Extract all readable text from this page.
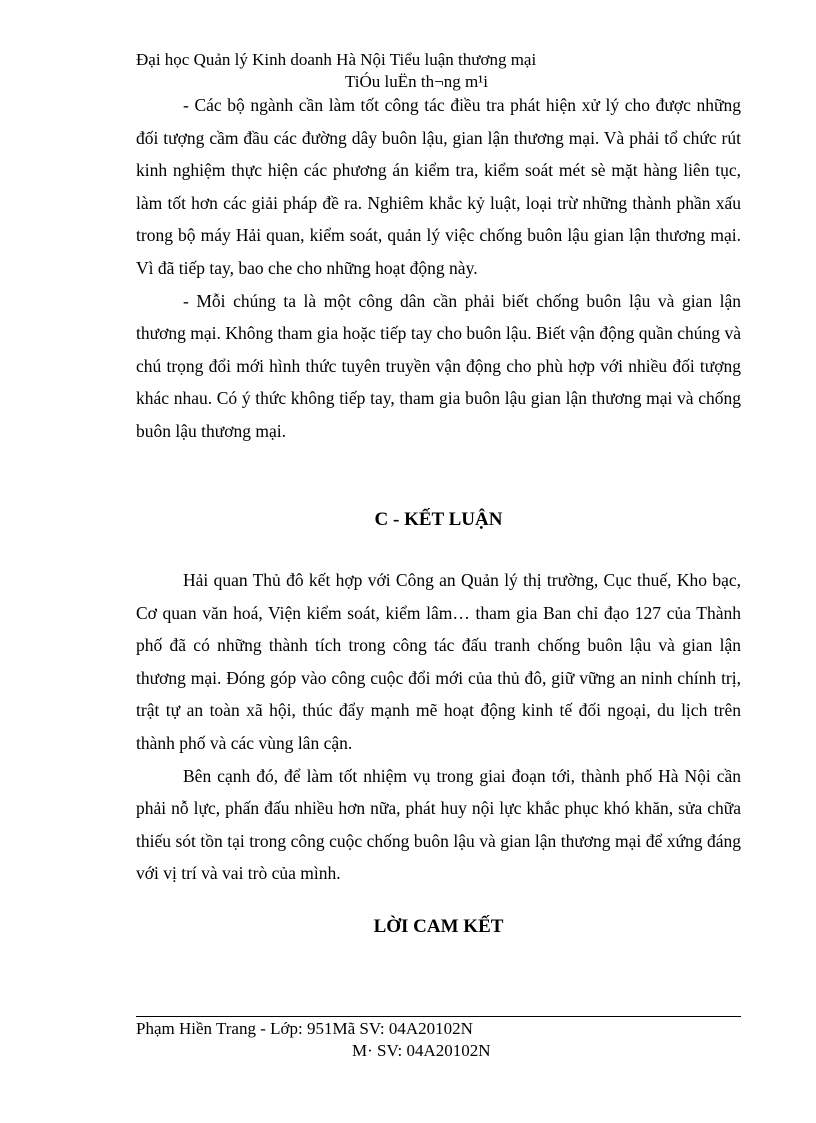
Đại học Quản lý Kinh doanh Hà Nội Tiểu luận thương mại
TiÓu luËn th¬ng m¹i

- Các bộ ngành cần làm tốt công tác điều tra phát hiện xử lý cho được những đối tượng cầm đầu các đường dây buôn lậu, gian lận thương mại. Và phải tổ chức rút kinh nghiệm thực hiện các phương án kiểm tra, kiểm soát mét sè mặt hàng liên tục, làm tốt hơn các giải pháp đề ra. Nghiêm khắc kỷ luật, loại trừ những thành phần xấu trong bộ máy Hải quan, kiểm soát, quản lý việc chống buôn lậu gian lận thương mại. Vì đã tiếp tay, bao che cho những hoạt động này.

- Mỗi chúng ta là một công dân cần phải biết chống buôn lậu và gian lận thương mại. Không tham gia hoặc tiếp tay cho buôn lậu. Biết vận động quần chúng và chú trọng đổi mới hình thức tuyên truyền vận động cho phù hợp với nhiều đối tượng khác nhau. Có ý thức không tiếp tay, tham gia buôn lậu gian lận thương mại và chống buôn lậu thương mại.

C - KẾT LUẬN

Hải quan Thủ đô kết hợp với Công an Quản lý thị trường, Cục thuế, Kho bạc, Cơ quan văn hoá, Viện kiểm soát, kiểm lâm… tham gia Ban chỉ đạo 127 của Thành phố đã có những thành tích trong công tác đấu tranh chống buôn lậu và gian lận thương mại. Đóng góp vào công cuộc đổi mới của thủ đô, giữ vững an ninh chính trị, trật tự an toàn xã hội, thúc đẩy mạnh mẽ hoạt động kinh tế đối ngoại, du lịch trên thành phố và các vùng lân cận.

Bên cạnh đó, để làm tốt nhiệm vụ trong giai đoạn tới, thành phố Hà Nội cần phải nỗ lực, phấn đấu nhiều hơn nữa, phát huy nội lực khắc phục khó khăn, sửa chữa thiếu sót tồn tại trong công cuộc chống buôn lậu và gian lận thương mại để xứng đáng với vị trí và vai trò của mình.

LỜI CAM KẾT
Phạm Hiền Trang - Lớp: 951Mã SV: 04A20102N
M· SV: 04A20102N
